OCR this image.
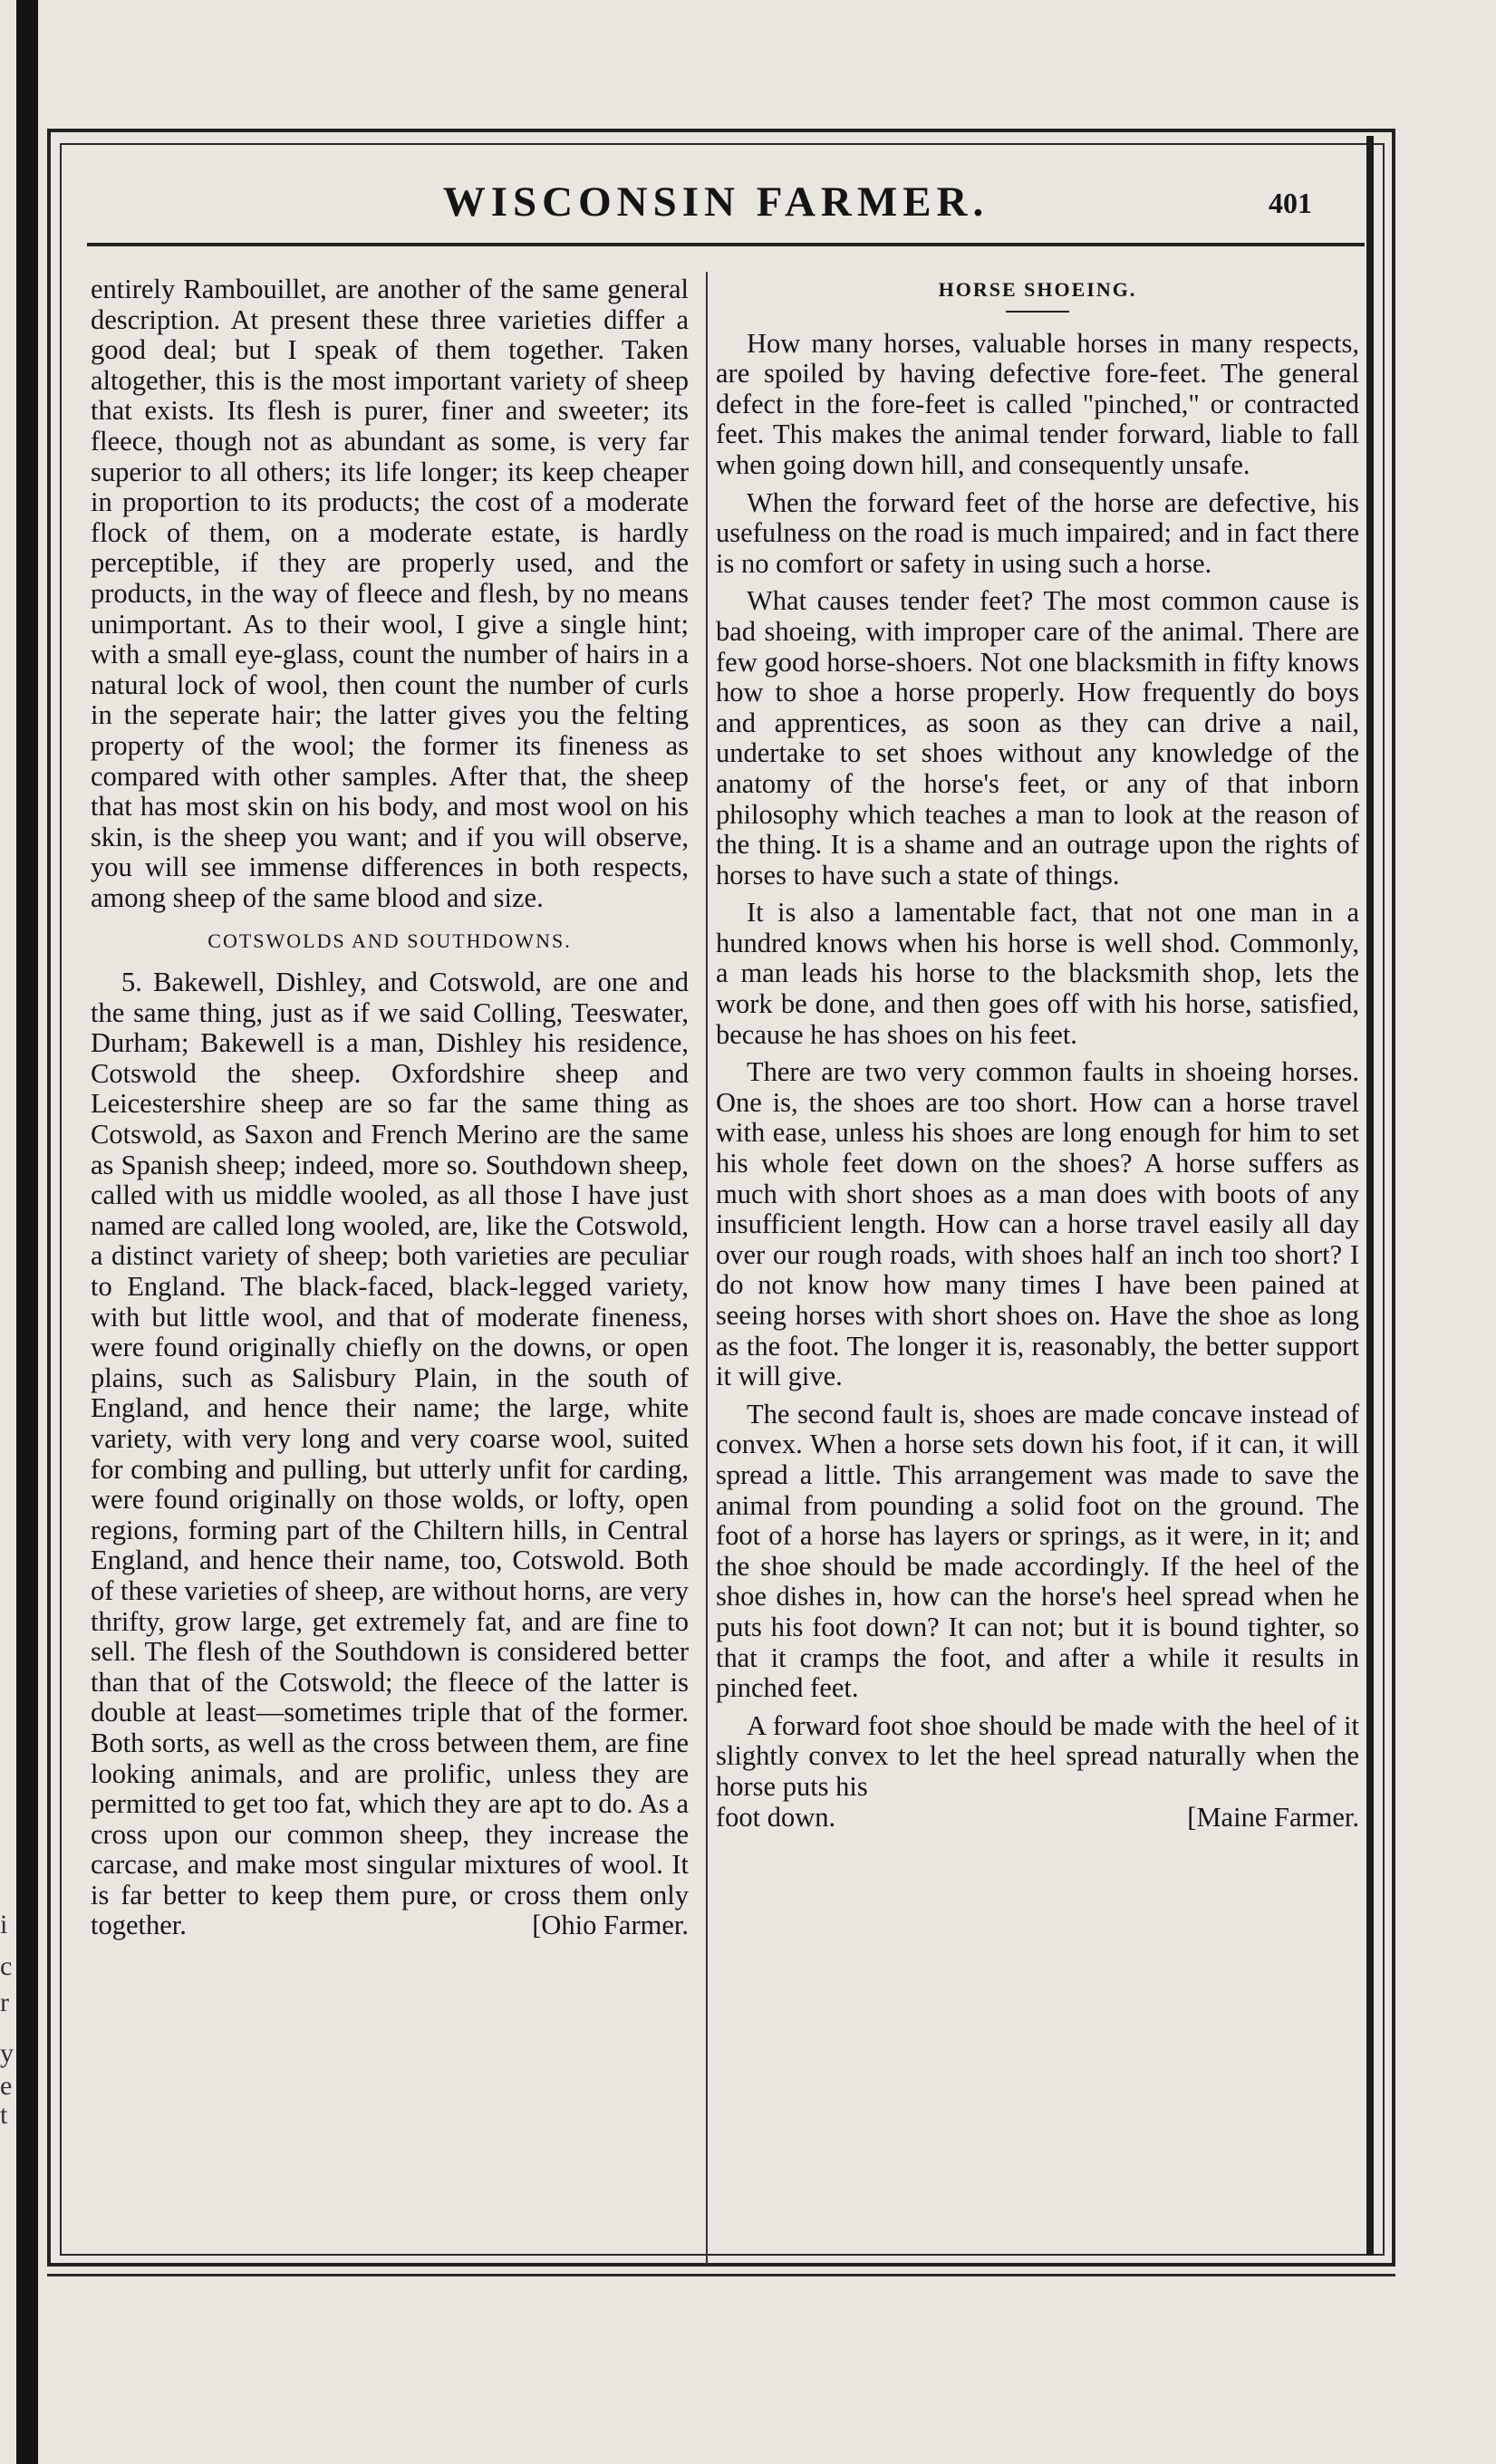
t
e
y
r
c
i
WISCONSIN FARMER.	401

entirely Rambouillet, are another of the same general description. At present these three varieties differ a good deal; but I speak of them together. Taken altogether, this is the most important variety of sheep that exists. Its flesh is purer, finer and sweeter; its fleece, though not as abundant as some, is very far superior to all others; its life longer; its keep cheaper in proportion to its products; the cost of a moderate flock of them, on a moderate estate, is hardly perceptible, if they are properly used, and the products, in the way of fleece and flesh, by no means unimportant. As to their wool, I give a single hint; with a small eye-glass, count the number of hairs in a natural lock of wool, then count the number of curls in the seperate hair; the latter gives you the felting property of the wool; the former its fineness as compared with other samples. After that, the sheep that has most skin on his body, and most wool on his skin, is the sheep you want; and if you will observe, you will see immense differences in both respects, among sheep of the same blood and size.

COTSWOLDS AND SOUTHDOWNS.

5. Bakewell, Dishley, and Cotswold, are one and the same thing, just as if we said Colling, Teeswater, Durham; Bakewell is a man, Dishley his residence, Cotswold the sheep. Oxfordshire sheep and Leicestershire sheep are so far the same thing as Cotswold, as Saxon and French Merino are the same as Spanish sheep; indeed, more so. Southdown sheep, called with us middle wooled, as all those I have just named are called long wooled, are, like the Cotswold, a distinct variety of sheep; both varieties are peculiar to England. The black-faced, black-legged variety, with but little wool, and that of moderate fineness, were found originally chiefly on the downs, or open plains, such as Salisbury Plain, in the south of England, and hence their name; the large, white variety, with very long and very coarse wool, suited for combing and pulling, but utterly unfit for carding, were found originally on those wolds, or lofty, open regions, forming part of the Chiltern hills, in Central England, and hence their name, too, Cotswold. Both of these varieties of sheep, are without horns, are very thrifty, grow large, get extremely fat, and are fine to sell. The flesh of the Southdown is considered better than that of the Cotswold; the fleece of the latter is double at least—sometimes triple that of the former. Both sorts, as well as the cross between them, are fine looking animals, and are prolific, unless they are permitted to get too fat, which they are apt to do. As a cross upon our common sheep, they increase the carcase, and make most singular mixtures of wool. It is far better to keep them pure, or cross them only together.	[Ohio Farmer.

HORSE SHOEING.

How many horses, valuable horses in many respects, are spoiled by having defective fore-feet. The general defect in the fore-feet is called "pinched," or contracted feet. This makes the animal tender forward, liable to fall when going down hill, and consequently unsafe.

When the forward feet of the horse are defective, his usefulness on the road is much impaired; and in fact there is no comfort or safety in using such a horse.

What causes tender feet? The most common cause is bad shoeing, with improper care of the animal. There are few good horse-shoers. Not one blacksmith in fifty knows how to shoe a horse properly. How frequently do boys and apprentices, as soon as they can drive a nail, undertake to set shoes without any knowledge of the anatomy of the horse's feet, or any of that inborn philosophy which teaches a man to look at the reason of the thing. It is a shame and an outrage upon the rights of horses to have such a state of things.

It is also a lamentable fact, that not one man in a hundred knows when his horse is well shod. Commonly, a man leads his horse to the blacksmith shop, lets the work be done, and then goes off with his horse, satisfied, because he has shoes on his feet.

There are two very common faults in shoeing horses. One is, the shoes are too short. How can a horse travel with ease, unless his shoes are long enough for him to set his whole feet down on the shoes? A horse suffers as much with short shoes as a man does with boots of any insufficient length. How can a horse travel easily all day over our rough roads, with shoes half an inch too short? I do not know how many times I have been pained at seeing horses with short shoes on. Have the shoe as long as the foot. The longer it is, reasonably, the better support it will give.

The second fault is, shoes are made concave instead of convex. When a horse sets down his foot, if it can, it will spread a little. This arrangement was made to save the animal from pounding a solid foot on the ground. The foot of a horse has layers or springs, as it were, in it; and the shoe should be made accordingly. If the heel of the shoe dishes in, how can the horse's heel spread when he puts his foot down? It can not; but it is bound tighter, so that it cramps the foot, and after a while it results in pinched feet.

A forward foot shoe should be made with the heel of it slightly convex to let the heel spread naturally when the horse puts his

foot down.	[Maine Farmer.
